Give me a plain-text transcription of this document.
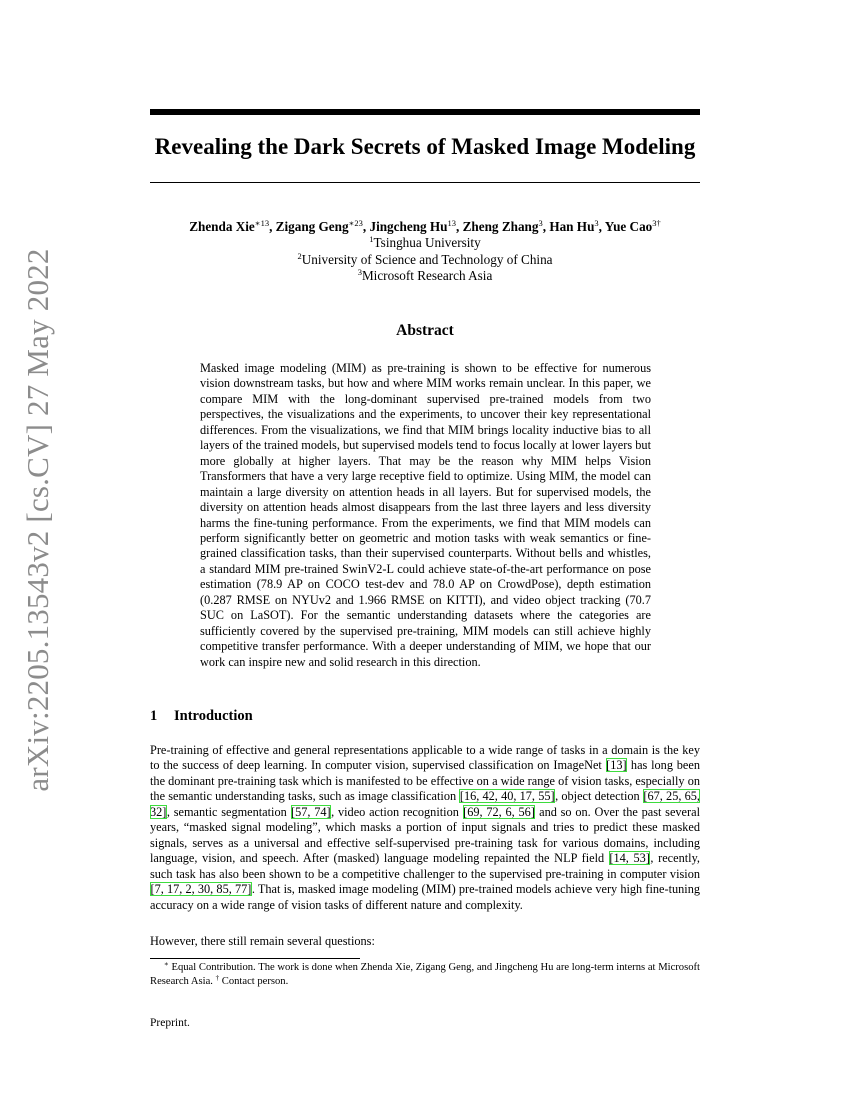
arXiv:2205.13543v2 [cs.CV] 27 May 2022
Revealing the Dark Secrets of Masked Image Modeling
Zhenda Xie$^{∗13}$, Zigang Geng$^{∗23}$, Jingcheng Hu$^{13}$, Zheng Zhang$^3$, Han Hu$^3$, Yue Cao$^{3\dagger}$
$^1$Tsinghua University
$^2$University of Science and Technology of China
$^3$Microsoft Research Asia
Abstract

Masked image modeling (MIM) as pre-training is shown to be effective for numerous vision downstream tasks, but how and where MIM works remain unclear. In this paper, we compare MIM with the long-dominant supervised pre-trained models from two perspectives, the visualizations and the experiments, to uncover their key representational differences. From the visualizations, we find that MIM brings locality inductive bias to all layers of the trained models, but supervised models tend to focus locally at lower layers but more globally at higher layers. That may be the reason why MIM helps Vision Transformers that have a very large receptive field to optimize. Using MIM, the model can maintain a large diversity on attention heads in all layers. But for supervised models, the diversity on attention heads almost disappears from the last three layers and less diversity harms the fine-tuning performance. From the experiments, we find that MIM models can perform significantly better on geometric and motion tasks with weak semantics or fine-grained classification tasks, than their supervised counterparts. Without bells and whistles, a standard MIM pre-trained SwinV2-L could achieve state-of-the-art performance on pose estimation (78.9 AP on COCO test-dev and 78.0 AP on CrowdPose), depth estimation (0.287 RMSE on NYUv2 and 1.966 RMSE on KITTI), and video object tracking (70.7 SUC on LaSOT). For the semantic understanding datasets where the categories are sufficiently covered by the supervised pre-training, MIM models can still achieve highly competitive transfer performance. With a deeper understanding of MIM, we hope that our work can inspire new and solid research in this direction.

1 Introduction

Pre-training of effective and general representations applicable to a wide range of tasks in a domain is the key to the success of deep learning. In computer vision, supervised classification on ImageNet [13] has long been the dominant pre-training task which is manifested to be effective on a wide range of vision tasks, especially on the semantic understanding tasks, such as image classification [16, 42, 40, 17, 55], object detection [67, 25, 65, 32], semantic segmentation [57, 74], video action recognition [69, 72, 6, 56] and so on. Over the past several years, “masked signal modeling”, which masks a portion of input signals and tries to predict these masked signals, serves as a universal and effective self-supervised pre-training task for various domains, including language, vision, and speech. After (masked) language modeling repainted the NLP field [14, 53], recently, such task has also been shown to be a competitive challenger to the supervised pre-training in computer vision [7, 17, 2, 30, 85, 77]. That is, masked image modeling (MIM) pre-trained models achieve very high fine-tuning accuracy on a wide range of vision tasks of different nature and complexity.

However, there still remain several questions:

∗ Equal Contribution. The work is done when Zhenda Xie, Zigang Geng, and Jingcheng Hu are long-term interns at Microsoft Research Asia. † Contact person.

Preprint.
